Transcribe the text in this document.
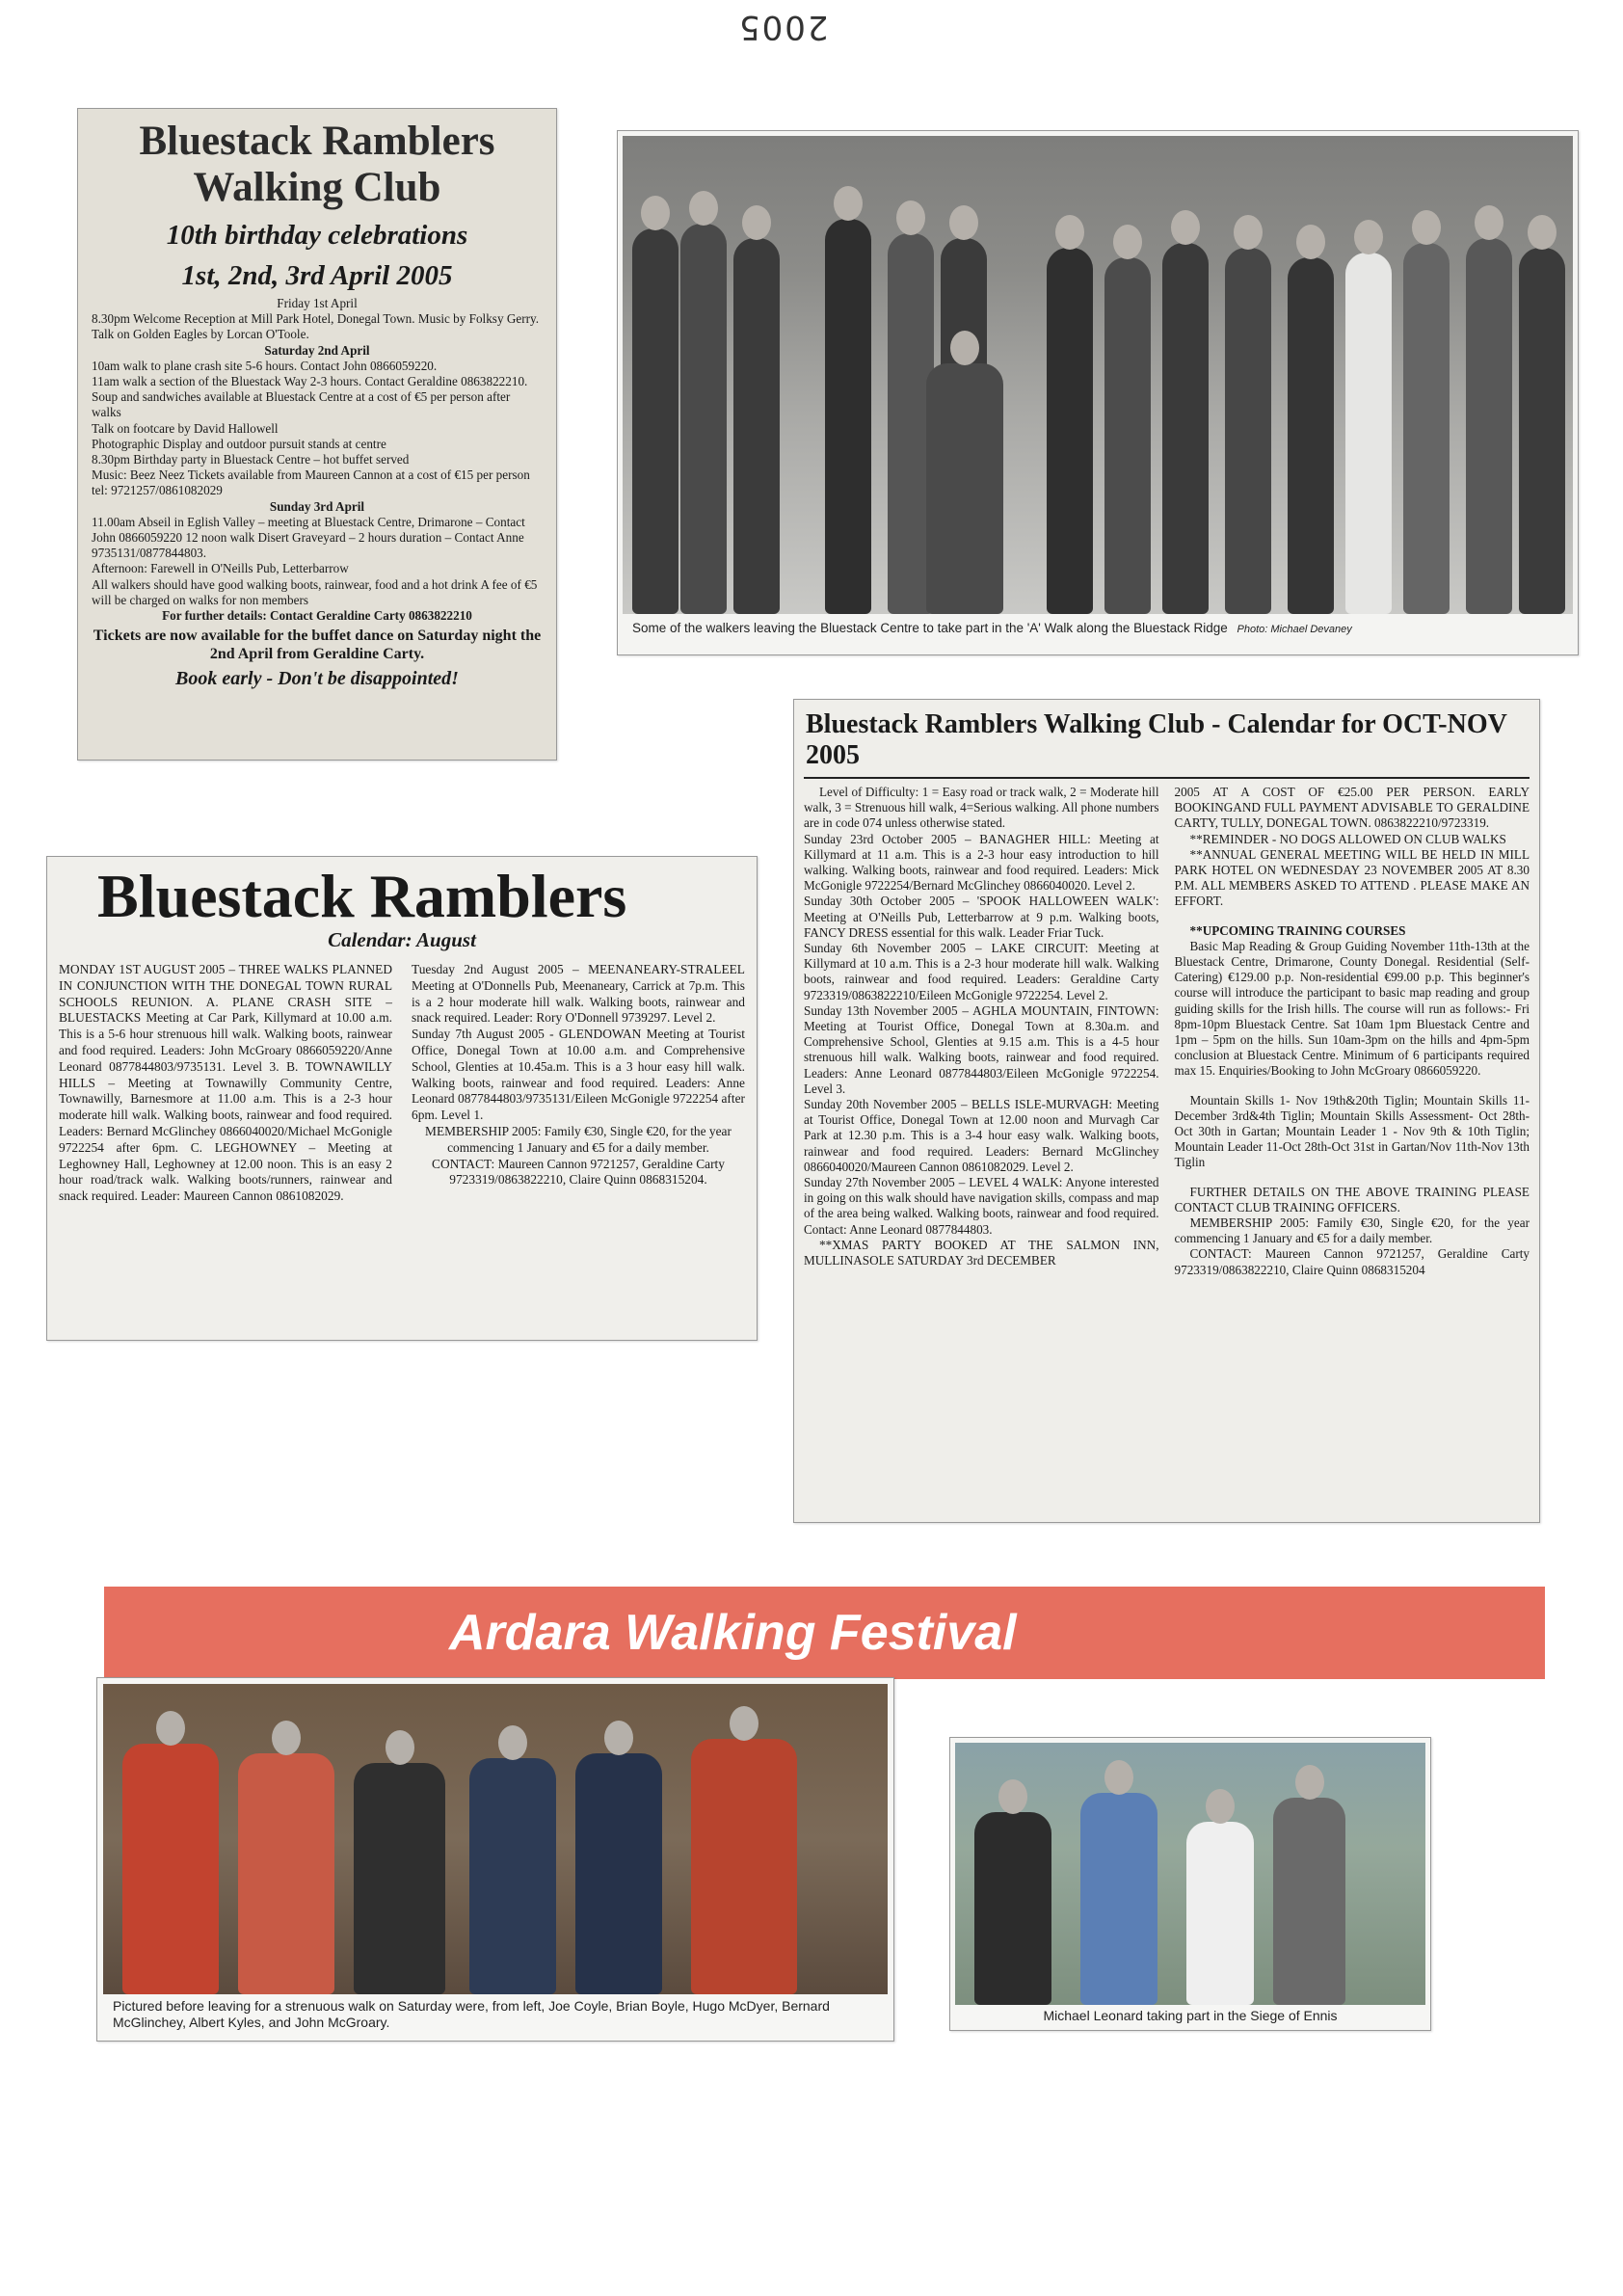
2005
Bluestack Ramblers
Walking Club
10th birthday celebrations
1st, 2nd, 3rd April 2005

Friday 1st April

8.30pm Welcome Reception at Mill Park Hotel, Donegal Town. Music by Folksy Gerry. Talk on Golden Eagles by Lorcan O'Toole.

Saturday 2nd April

10am walk to plane crash site 5-6 hours. Contact John 0866059220.

11am walk a section of the Bluestack Way 2-3 hours. Contact Geraldine 0863822210. Soup and sandwiches available at Bluestack Centre at a cost of €5 per person after walks

Talk on footcare by David Hallowell

Photographic Display and outdoor pursuit stands at centre

8.30pm Birthday party in Bluestack Centre – hot buffet served

Music: Beez Neez Tickets available from Maureen Cannon at a cost of €15 per person tel: 9721257/0861082029

Sunday 3rd April

11.00am Abseil in Eglish Valley – meeting at Bluestack Centre, Drimarone – Contact John 0866059220 12 noon walk Disert Graveyard – 2 hours duration – Contact Anne 9735131/0877844803.

Afternoon: Farewell in O'Neills Pub, Letterbarrow

All walkers should have good walking boots, rainwear, food and a hot drink A fee of €5 will be charged on walks for non members

For further details: Contact Geraldine Carty 0863822210

Tickets are now available for the buffet dance on Saturday night the 2nd April from Geraldine Carty.
Book early - Don't be disappointed!
Some of the walkers leaving the Bluestack Centre to take part in the 'A' Walk along the Bluestack Ridge Photo: Michael Devaney
Bluestack Ramblers
Calendar: August

MONDAY 1ST AUGUST 2005 – THREE WALKS PLANNED IN CONJUNCTION WITH THE DONEGAL TOWN RURAL SCHOOLS REUNION. A. PLANE CRASH SITE – BLUESTACKS Meeting at Car Park, Killymard at 10.00 a.m. This is a 5-6 hour strenuous hill walk. Walking boots, rainwear and food required. Leaders: John McGroary 0866059220/Anne Leonard 0877844803/9735131. Level 3. B. TOWNAWILLY HILLS – Meeting at Townawilly Community Centre, Townawilly, Barnesmore at 11.00 a.m. This is a 2-3 hour moderate hill walk. Walking boots, rainwear and food required. Leaders: Bernard McGlinchey 0866040020/Michael McGonigle 9722254 after 6pm. C. LEGHOWNEY – Meeting at Leghowney Hall, Leghowney at 12.00 noon. This is an easy 2 hour road/track walk. Walking boots/runners, rainwear and snack required. Leader: Maureen Cannon 0861082029.

Tuesday 2nd August 2005 – MEENANEARY-STRALEEL Meeting at O'Donnells Pub, Meenaneary, Carrick at 7p.m. This is a 2 hour moderate hill walk. Walking boots, rainwear and snack required. Leader: Rory O'Donnell 9739297. Level 2.

Sunday 7th August 2005 - GLENDOWAN Meeting at Tourist Office, Donegal Town at 10.00 a.m. and Comprehensive School, Glenties at 10.45a.m. This is a 3 hour easy hill walk. Walking boots, rainwear and food required. Leaders: Anne Leonard 0877844803/9735131/Eileen McGonigle 9722254 after 6pm. Level 1.

MEMBERSHIP 2005: Family €30, Single €20, for the year commencing 1 January and €5 for a daily member.

CONTACT: Maureen Cannon 9721257, Geraldine Carty 9723319/0863822210, Claire Quinn 0868315204.

Bluestack Ramblers Walking Club - Calendar for OCT-NOV 2005

Level of Difficulty: 1 = Easy road or track walk, 2 = Moderate hill walk, 3 = Strenuous hill walk, 4=Serious walking. All phone numbers are in code 074 unless otherwise stated.

Sunday 23rd October 2005 – BANAGHER HILL: Meeting at Killymard at 11 a.m. This is a 2-3 hour easy introduction to hill walking. Walking boots, rainwear and food required. Leaders: Mick McGonigle 9722254/Bernard McGlinchey 0866040020. Level 2.

Sunday 30th October 2005 – 'SPOOK HALLOWEEN WALK': Meeting at O'Neills Pub, Letterbarrow at 9 p.m. Walking boots, FANCY DRESS essential for this walk. Leader Friar Tuck.

Sunday 6th November 2005 – LAKE CIRCUIT: Meeting at Killymard at 10 a.m. This is a 2-3 hour moderate hill walk. Walking boots, rainwear and food required. Leaders: Geraldine Carty 9723319/0863822210/Eileen McGonigle 9722254. Level 2.

Sunday 13th November 2005 – AGHLA MOUNTAIN, FINTOWN: Meeting at Tourist Office, Donegal Town at 8.30a.m. and Comprehensive School, Glenties at 9.15 a.m. This is a 4-5 hour strenuous hill walk. Walking boots, rainwear and food required. Leaders: Anne Leonard 0877844803/Eileen McGonigle 9722254. Level 3.

Sunday 20th November 2005 – BELLS ISLE-MURVAGH: Meeting at Tourist Office, Donegal Town at 12.00 noon and Murvagh Car Park at 12.30 p.m. This is a 3-4 hour easy walk. Walking boots, rainwear and food required. Leaders: Bernard McGlinchey 0866040020/Maureen Cannon 0861082029. Level 2.

Sunday 27th November 2005 – LEVEL 4 WALK: Anyone interested in going on this walk should have navigation skills, compass and map of the area being walked. Walking boots, rainwear and food required. Contact: Anne Leonard 0877844803.

**XMAS PARTY BOOKED AT THE SALMON INN, MULLINASOLE SATURDAY 3rd DECEMBER

2005 AT A COST OF €25.00 PER PERSON. EARLY BOOKINGAND FULL PAYMENT ADVISABLE TO GERALDINE CARTY, TULLY, DONEGAL TOWN. 0863822210/9723319.

**REMINDER - NO DOGS ALLOWED ON CLUB WALKS

**ANNUAL GENERAL MEETING WILL BE HELD IN MILL PARK HOTEL ON WEDNESDAY 23 NOVEMBER 2005 AT 8.30 P.M. ALL MEMBERS ASKED TO ATTEND . PLEASE MAKE AN EFFORT.

**UPCOMING TRAINING COURSES

Basic Map Reading & Group Guiding November 11th-13th at the Bluestack Centre, Drimarone, County Donegal. Residential (Self-Catering) €129.00 p.p. Non-residential €99.00 p.p. This beginner's course will introduce the participant to basic map reading and group guiding skills for the Irish hills. The course will run as follows:- Fri 8pm-10pm Bluestack Centre. Sat 10am 1pm Bluestack Centre and 1pm – 5pm on the hills. Sun 10am-3pm on the hills and 4pm-5pm conclusion at Bluestack Centre. Minimum of 6 participants required max 15. Enquiries/Booking to John McGroary 0866059220.

Mountain Skills 1- Nov 19th&20th Tiglin; Mountain Skills 11- December 3rd&4th Tiglin; Mountain Skills Assessment- Oct 28th-Oct 30th in Gartan; Mountain Leader 1 - Nov 9th & 10th Tiglin; Mountain Leader 11-Oct 28th-Oct 31st in Gartan/Nov 11th-Nov 13th Tiglin

FURTHER DETAILS ON THE ABOVE TRAINING PLEASE CONTACT CLUB TRAINING OFFICERS.

MEMBERSHIP 2005: Family €30, Single €20, for the year commencing 1 January and €5 for a daily member.

CONTACT: Maureen Cannon 9721257, Geraldine Carty 9723319/0863822210, Claire Quinn 0868315204

Ardara Walking Festival
Pictured before leaving for a strenuous walk on Saturday were, from left, Joe Coyle, Brian Boyle, Hugo McDyer, Bernard McGlinchey, Albert Kyles, and John McGroary.	Michael Leonard taking part in the Siege of Ennis
